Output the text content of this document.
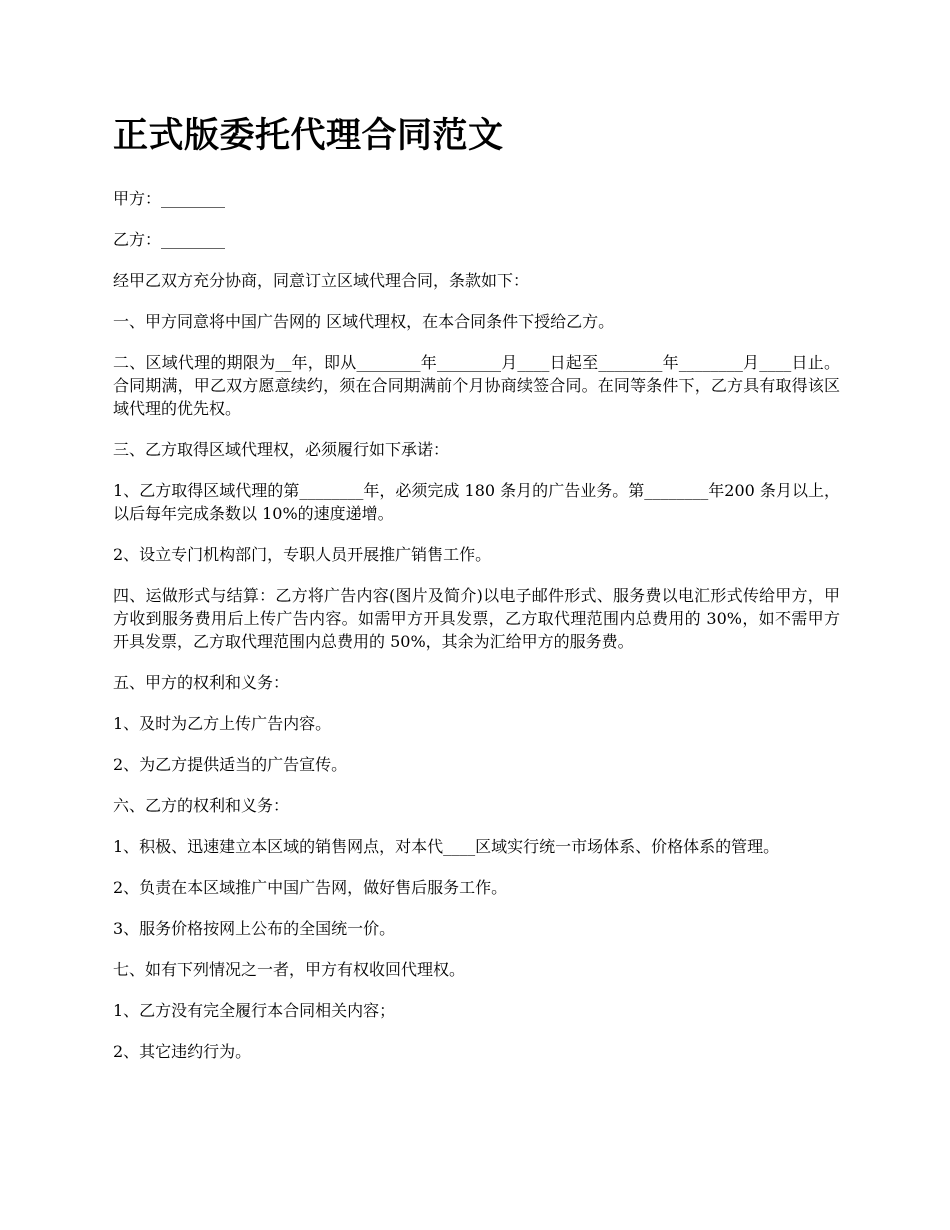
正式版委托代理合同范文

甲方：________

乙方：________

经甲乙双方充分协商，同意订立区域代理合同，条款如下：

一、甲方同意将中国广告网的 区域代理权，在本合同条件下授给乙方。

二、区域代理的期限为__年，即从________年________月____日起至________年________月____日止。合同期满，甲乙双方愿意续约，须在合同期满前个月协商续签合同。在同等条件下，乙方具有取得该区域代理的优先权。

三、乙方取得区域代理权，必须履行如下承诺：

1、乙方取得区域代理的第________年，必须完成 180 条月的广告业务。第________年200 条月以上，以后每年完成条数以 10%的速度递增。

2、设立专门机构部门，专职人员开展推广销售工作。

四、运做形式与结算：乙方将广告内容(图片及简介)以电子邮件形式、服务费以电汇形式传给甲方，甲方收到服务费用后上传广告内容。如需甲方开具发票，乙方取代理范围内总费用的 30%，如不需甲方开具发票，乙方取代理范围内总费用的 50%，其余为汇给甲方的服务费。

五、甲方的权利和义务：

1、及时为乙方上传广告内容。

2、为乙方提供适当的广告宣传。

六、乙方的权利和义务：

1、积极、迅速建立本区域的销售网点，对本代____区域实行统一市场体系、价格体系的管理。

2、负责在本区域推广中国广告网，做好售后服务工作。

3、服务价格按网上公布的全国统一价。

七、如有下列情况之一者，甲方有权收回代理权。

1、乙方没有完全履行本合同相关内容；

2、其它违约行为。
